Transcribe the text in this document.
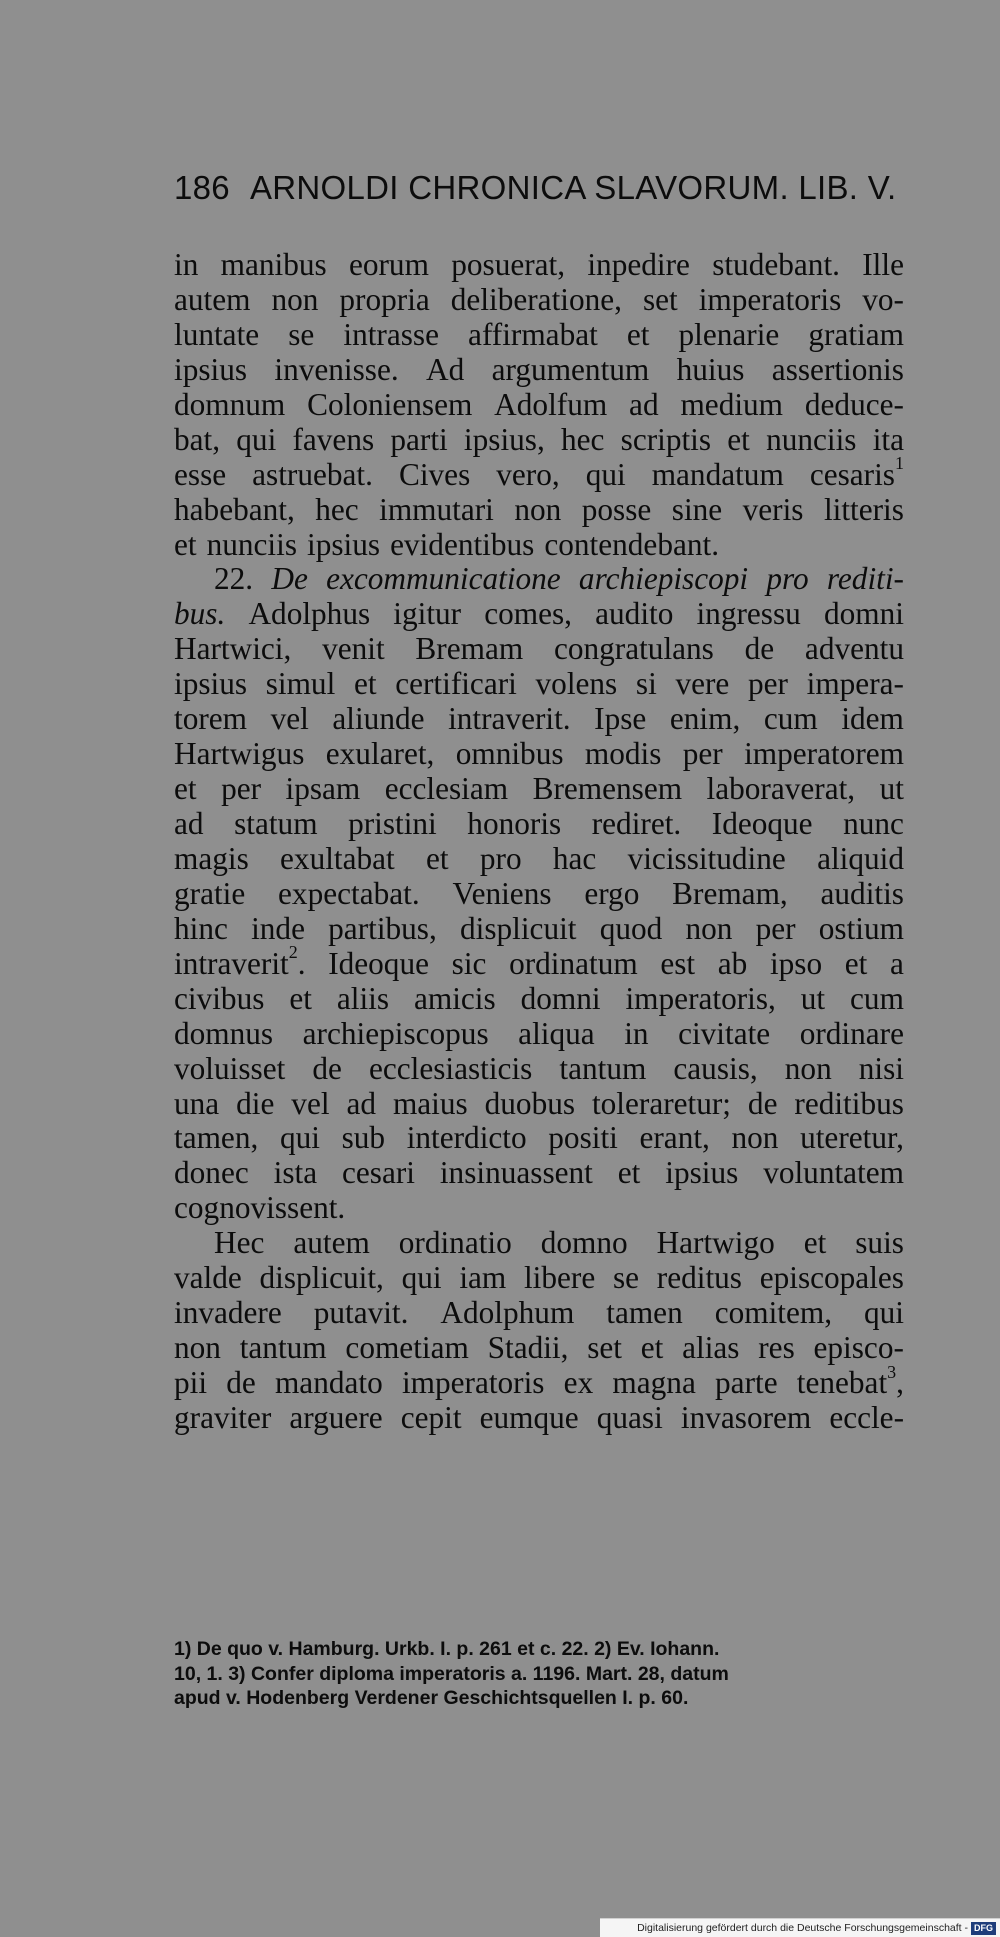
186 ARNOLDI CHRONICA SLAVORUM. LIB. V.
in manibus eorum posuerat, inpedire studebant. Ille
autem non propria deliberatione, set imperatoris vo-
luntate se intrasse affirmabat et plenarie gratiam
ipsius invenisse. Ad argumentum huius assertionis
domnum Coloniensem Adolfum ad medium deduce-
bat, qui favens parti ipsius, hec scriptis et nunciis ita
esse astruebat. Cives vero, qui mandatum cesaris$^1$
habebant, hec immutari non posse sine veris litteris
et nunciis ipsius evidentibus contendebant.
22. De excommunicatione archiepiscopi pro rediti-
bus. Adolphus igitur comes, audito ingressu domni
Hartwici, venit Bremam congratulans de adventu
ipsius simul et certificari volens si vere per impera-
torem vel aliunde intraverit. Ipse enim, cum idem
Hartwigus exularet, omnibus modis per imperatorem
et per ipsam ecclesiam Bremensem laboraverat, ut
ad statum pristini honoris rediret. Ideoque nunc
magis exultabat et pro hac vicissitudine aliquid
gratie expectabat. Veniens ergo Bremam, auditis
hinc inde partibus, displicuit quod non per ostium
intraverit$^2$. Ideoque sic ordinatum est ab ipso et a
civibus et aliis amicis domni imperatoris, ut cum
domnus archiepiscopus aliqua in civitate ordinare
voluisset de ecclesiasticis tantum causis, non nisi
una die vel ad maius duobus toleraretur; de reditibus
tamen, qui sub interdicto positi erant, non uteretur,
donec ista cesari insinuassent et ipsius voluntatem
cognovissent.
Hec autem ordinatio domno Hartwigo et suis
valde displicuit, qui iam libere se reditus episcopales
invadere putavit. Adolphum tamen comitem, qui
non tantum cometiam Stadii, set et alias res episco-
pii de mandato imperatoris ex magna parte tenebat$^3$,
graviter arguere cepit eumque quasi invasorem eccle-
1) De quo v. Hamburg. Urkb. I. p. 261 et c. 22. 2) Ev. Iohann.
10, 1. 3) Confer diploma imperatoris a. 1196. Mart. 28, datum
apud v. Hodenberg Verdener Geschichtsquellen I. p. 60.
Digitalisierung gefördert durch die Deutsche Forschungsgemeinschaft - DFG
